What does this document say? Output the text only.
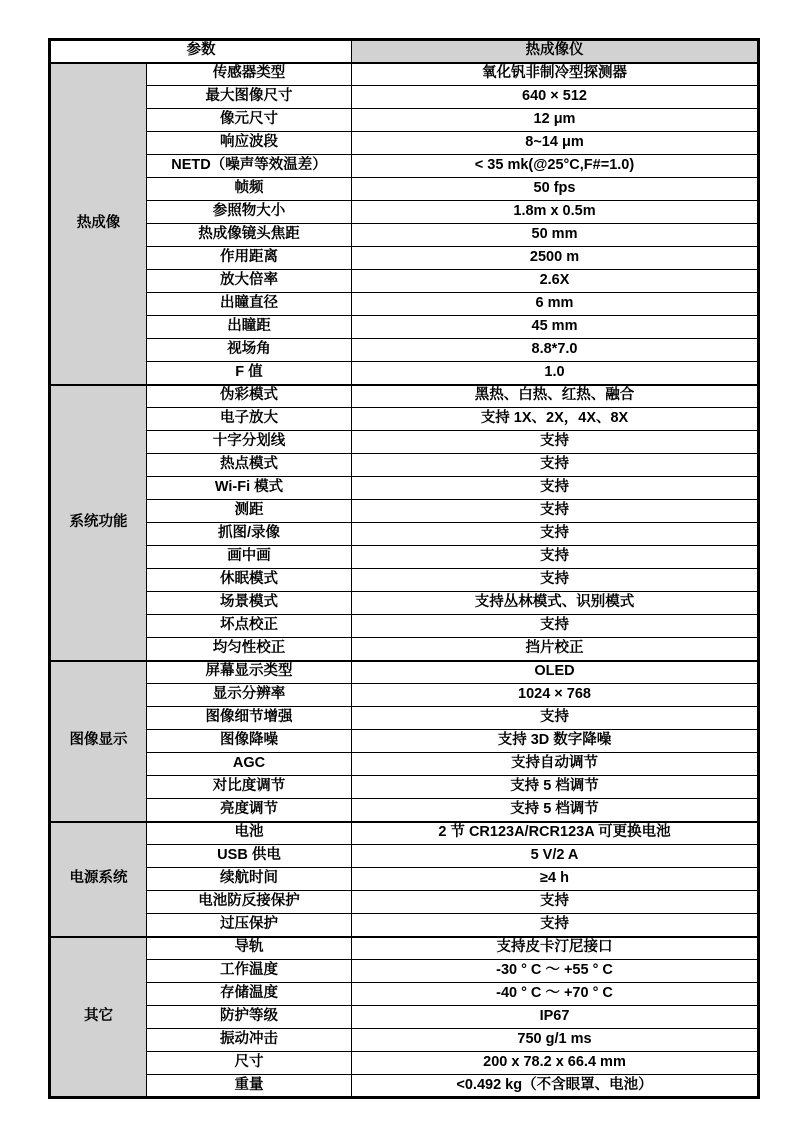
参数		热成像仪
热成像	传感器类型	氧化钒非制冷型探测器
	最大图像尺寸	640 × 512
	像元尺寸	12 μm
	响应波段	8~14 μm
	NETD（噪声等效温差）	< 35 mk(@25°C,F#=1.0)
	帧频	50 fps
	参照物大小	1.8m x 0.5m
	热成像镜头焦距	50 mm
	作用距离	2500 m
	放大倍率	2.6X
	出瞳直径	6 mm
	出瞳距	45 mm
	视场角	8.8*7.0
	F 值	1.0
系统功能	伪彩模式	黑热、白热、红热、融合
	电子放大	支持 1X、2X，4X、8X
	十字分划线	支持
	热点模式	支持
	Wi-Fi 模式	支持
	测距	支持
	抓图/录像	支持
	画中画	支持
	休眠模式	支持
	场景模式	支持丛林模式、识别模式
	坏点校正	支持
	均匀性校正	挡片校正
图像显示	屏幕显示类型	OLED
	显示分辨率	1024 × 768
	图像细节增强	支持
	图像降噪	支持 3D 数字降噪
	AGC	支持自动调节
	对比度调节	支持 5 档调节
	亮度调节	支持 5 档调节
电源系统	电池	2 节 CR123A/RCR123A 可更换电池
	USB 供电	5 V/2 A
	续航时间	≥4 h
	电池防反接保护	支持
	过压保护	支持
其它	导轨	支持皮卡汀尼接口
	工作温度	-30 ° C ～ +55 ° C
	存储温度	-40 ° C ～ +70 ° C
	防护等级	IP67
	振动冲击	750 g/1 ms
	尺寸	200 x 78.2 x 66.4 mm
	重量	<0.492 kg（不含眼罩、电池）
